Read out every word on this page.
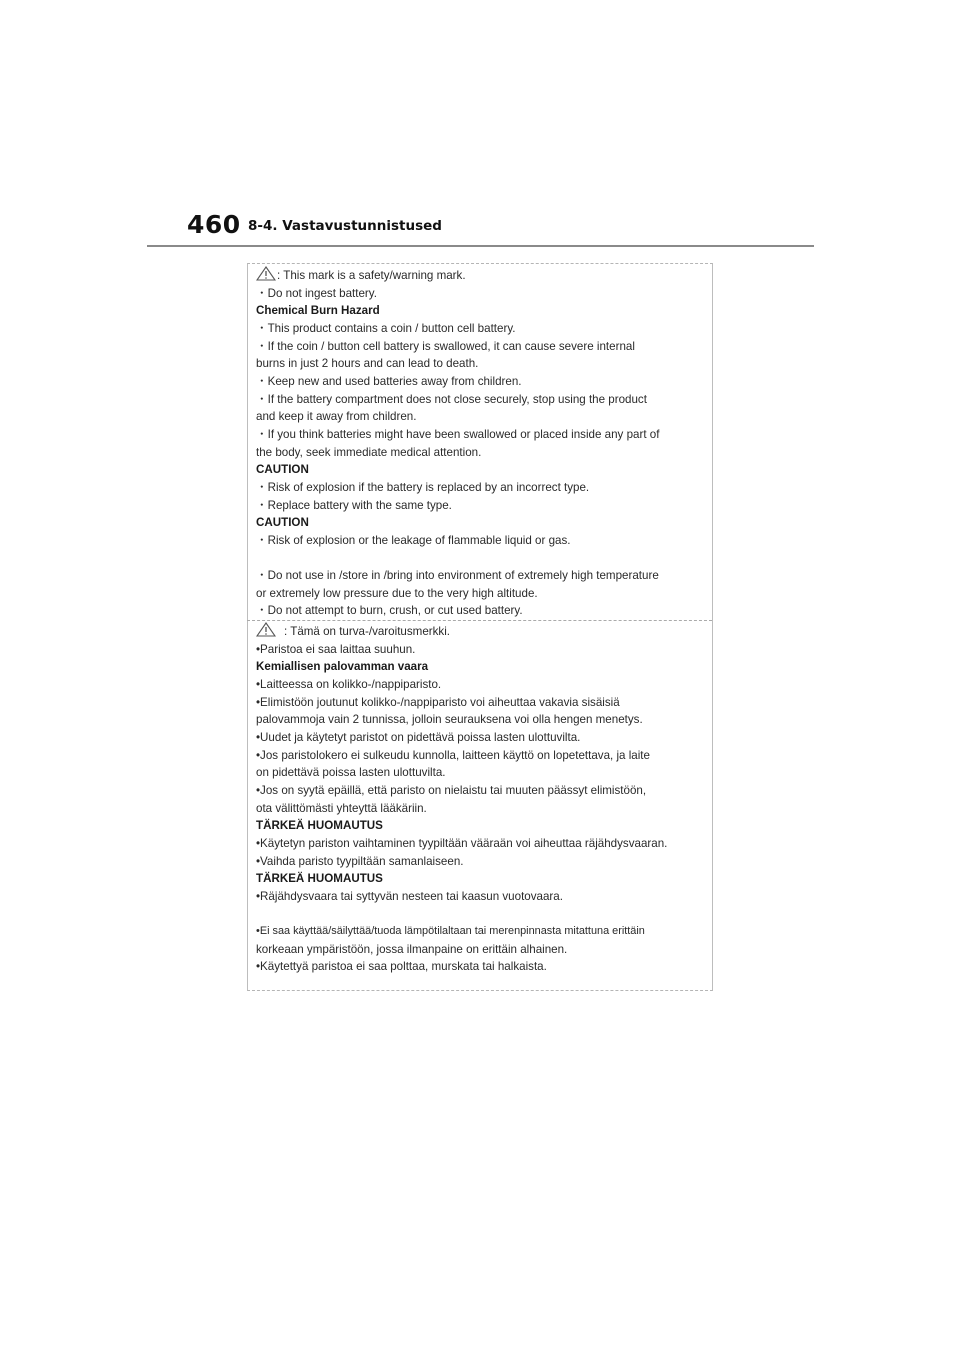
460 8-4. Vastavustunnistused
: This mark is a safety/warning mark.
・Do not ingest battery.
Chemical Burn Hazard
・This product contains a coin / button cell battery.
・If the coin / button cell battery is swallowed, it can cause severe internal
burns in just 2 hours and can lead to death.
・Keep new and used batteries away from children.
・If the battery compartment does not close securely, stop using the product
and keep it away from children.
・If you think batteries might have been swallowed or placed inside any part of
the body, seek immediate medical attention.
CAUTION
・Risk of explosion if the battery is replaced by an incorrect type.
・Replace battery with the same type.
CAUTION
・Risk of explosion or the leakage of flammable liquid or gas.
・Do not use in /store in /bring into environment of extremely high temperature
or extremely low pressure due to the very high altitude.
・Do not attempt to burn, crush, or cut used battery.
: Tämä on turva-/varoitusmerkki.
•Paristoa ei saa laittaa suuhun.
Kemiallisen palovamman vaara
•Laitteessa on kolikko-/nappiparisto.
•Elimistöön joutunut kolikko-/nappiparisto voi aiheuttaa vakavia sisäisiä
palovammoja vain 2 tunnissa, jolloin seurauksena voi olla hengen menetys.
•Uudet ja käytetyt paristot on pidettävä poissa lasten ulottuvilta.
•Jos paristolokero ei sulkeudu kunnolla, laitteen käyttö on lopetettava, ja laite
on pidettävä poissa lasten ulottuvilta.
•Jos on syytä epäillä, että paristo on nielaistu tai muuten päässyt elimistöön,
ota välittömästi yhteyttä lääkäriin.
TÄRKEÄ HUOMAUTUS
•Käytetyn pariston vaihtaminen tyypiltään vääraän voi aiheuttaa räjähdysvaaran.
•Vaihda paristo tyypiltään samanlaiseen.
TÄRKEÄ HUOMAUTUS
•Räjähdysvaara tai syttyvän nesteen tai kaasun vuotovaara.
•Ei saa käyttää/säilyttää/tuoda lämpötilaltaan tai merenpinnasta mitattuna erittäin
korkeaan ympäristöön, jossa ilmanpaine on erittäin alhainen.
•Käytettyä paristoa ei saa polttaa, murskata tai halkaista.
